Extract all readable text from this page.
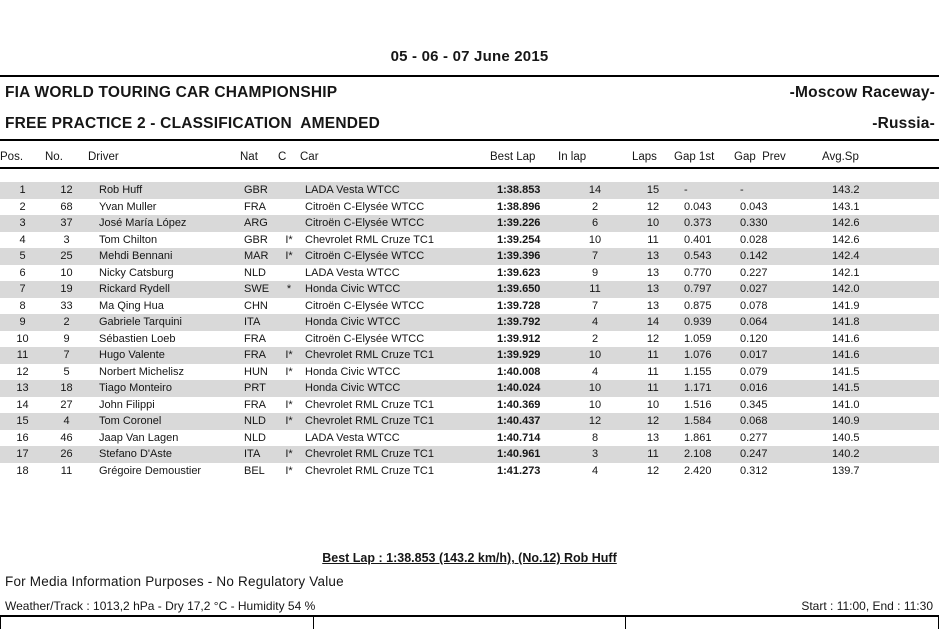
05 - 06 - 07 June 2015
FIA WORLD TOURING CAR CHAMPIONSHIP	-Moscow Raceway-
FREE PRACTICE 2 - CLASSIFICATION  AMENDED	-Russia-
Pos.	No.	Driver	Nat	C	Car	Best Lap	In lap	Laps	Gap 1st	Gap  Prev	Avg.Sp

1	12	Rob Huff	GBR		LADA Vesta WTCC	1:38.853	14	15	-	-	143.2
2	68	Yvan Muller	FRA		Citroën C-Elysée WTCC	1:38.896	2	12	0.043	0.043	143.1
3	37	José María López	ARG		Citroën C-Elysée WTCC	1:39.226	6	10	0.373	0.330	142.6
4	3	Tom Chilton	GBR	I*	Chevrolet RML Cruze TC1	1:39.254	10	11	0.401	0.028	142.6
5	25	Mehdi Bennani	MAR	I*	Citroën C-Elysée WTCC	1:39.396	7	13	0.543	0.142	142.4
6	10	Nicky Catsburg	NLD		LADA Vesta WTCC	1:39.623	9	13	0.770	0.227	142.1
7	19	Rickard Rydell	SWE	*	Honda Civic WTCC	1:39.650	11	13	0.797	0.027	142.0
8	33	Ma Qing Hua	CHN		Citroën C-Elysée WTCC	1:39.728	7	13	0.875	0.078	141.9
9	2	Gabriele Tarquini	ITA		Honda Civic WTCC	1:39.792	4	14	0.939	0.064	141.8
10	9	Sébastien Loeb	FRA		Citroën C-Elysée WTCC	1:39.912	2	12	1.059	0.120	141.6
11	7	Hugo Valente	FRA	I*	Chevrolet RML Cruze TC1	1:39.929	10	11	1.076	0.017	141.6
12	5	Norbert Michelisz	HUN	I*	Honda Civic WTCC	1:40.008	4	11	1.155	0.079	141.5
13	18	Tiago Monteiro	PRT		Honda Civic WTCC	1:40.024	10	11	1.171	0.016	141.5
14	27	John Filippi	FRA	I*	Chevrolet RML Cruze TC1	1:40.369	10	10	1.516	0.345	141.0
15	4	Tom Coronel	NLD	I*	Chevrolet RML Cruze TC1	1:40.437	12	12	1.584	0.068	140.9
16	46	Jaap Van Lagen	NLD		LADA Vesta WTCC	1:40.714	8	13	1.861	0.277	140.5
17	26	Stefano D'Aste	ITA	I*	Chevrolet RML Cruze TC1	1:40.961	3	11	2.108	0.247	140.2
18	11	Grégoire Demoustier	BEL	I*	Chevrolet RML Cruze TC1	1:41.273	4	12	2.420	0.312	139.7
Best Lap : 1:38.853 (143.2 km/h), (No.12) Rob Huff
For Media Information Purposes - No Regulatory Value
Weather/Track : 1013,2 hPa - Dry 17,2 °C - Humidity 54 %	Start : 11:00, End : 11:30
